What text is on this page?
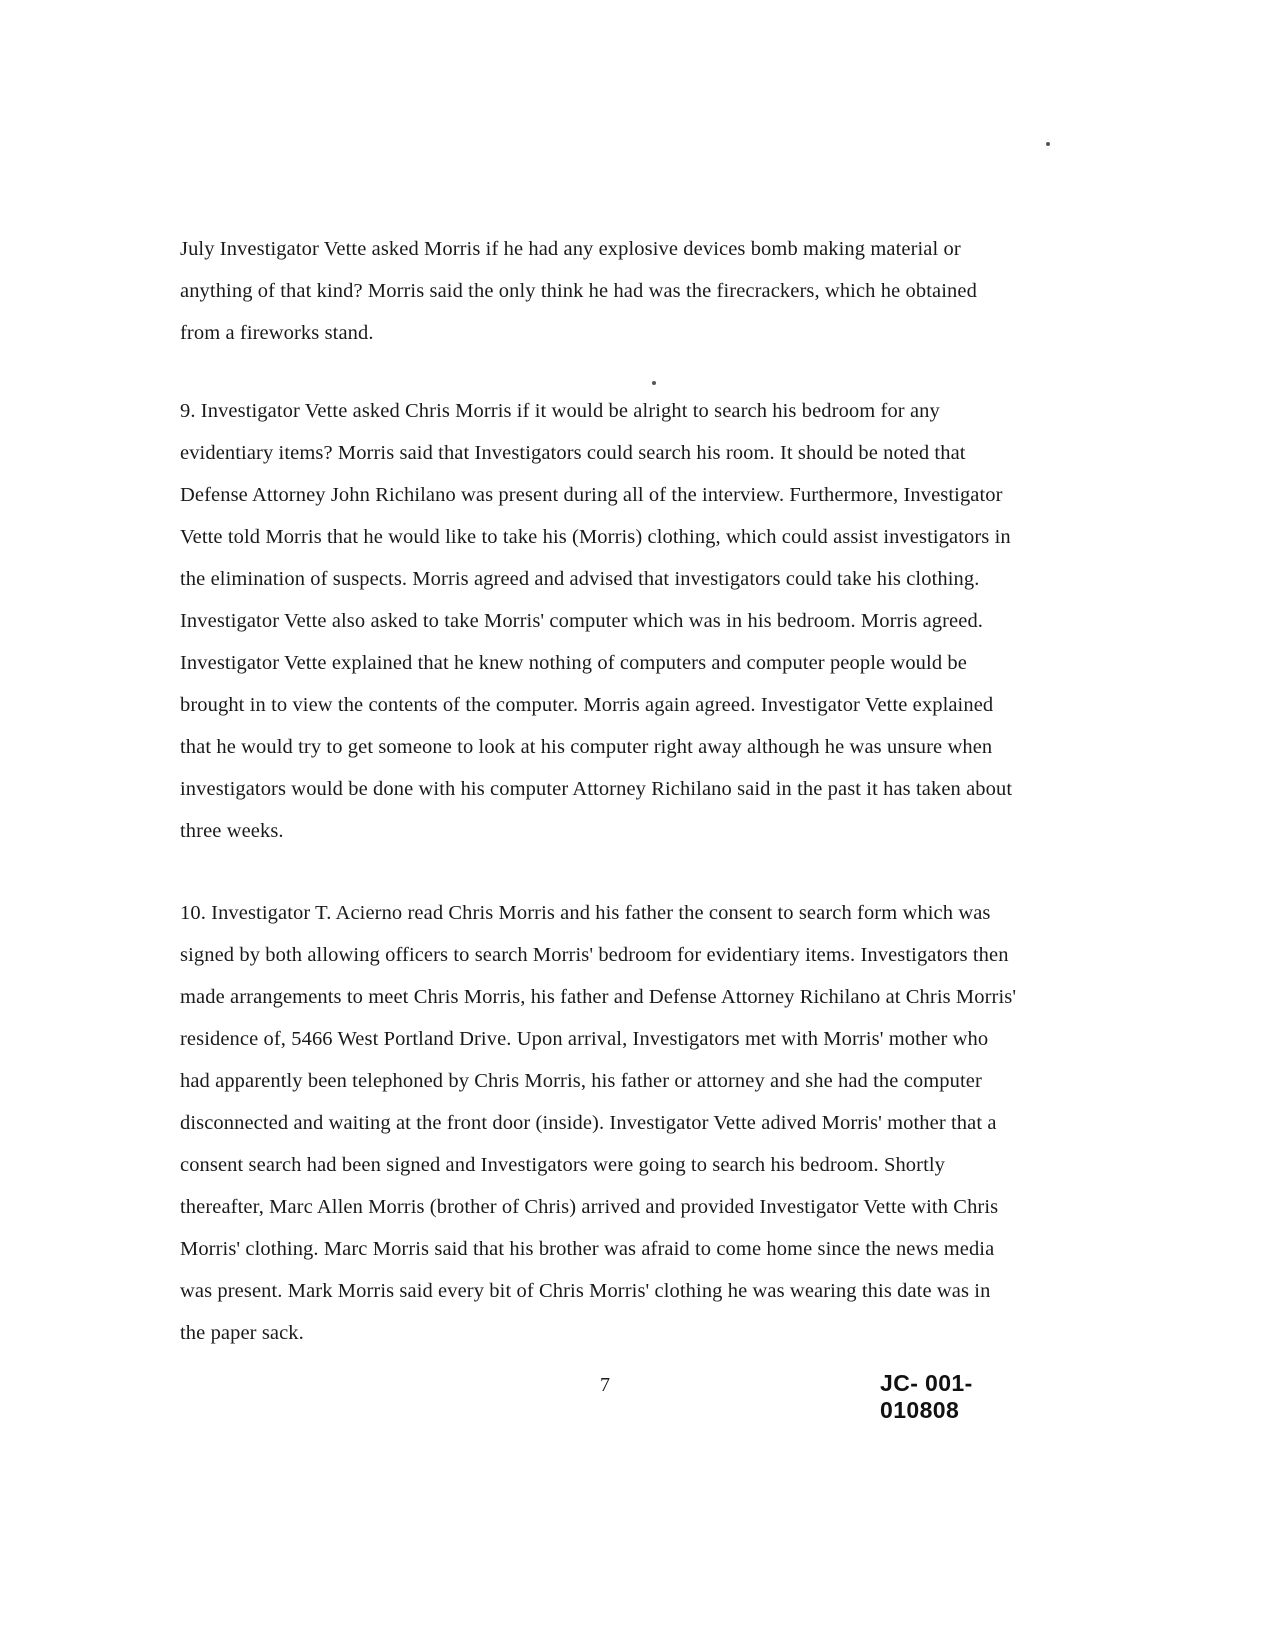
July Investigator Vette asked Morris if he had any explosive devices bomb making material or anything of that kind? Morris said the only think he had was the firecrackers, which he obtained from a fireworks stand.

9. Investigator Vette asked Chris Morris if it would be alright to search his bedroom for any evidentiary items? Morris said that Investigators could search his room. It should be noted that Defense Attorney John Richilano was present during all of the interview. Furthermore, Investigator Vette told Morris that he would like to take his (Morris) clothing, which could assist investigators in the elimination of suspects. Morris agreed and advised that investigators could take his clothing. Investigator Vette also asked to take Morris' computer which was in his bedroom. Morris agreed. Investigator Vette explained that he knew nothing of computers and computer people would be brought in to view the contents of the computer. Morris again agreed. Investigator Vette explained that he would try to get someone to look at his computer right away although he was unsure when investigators would be done with his computer Attorney Richilano said in the past it has taken about three weeks.

10. Investigator T. Acierno read Chris Morris and his father the consent to search form which was signed by both allowing officers to search Morris' bedroom for evidentiary items. Investigators then made arrangements to meet Chris Morris, his father and Defense Attorney Richilano at Chris Morris' residence of, 5466 West Portland Drive. Upon arrival, Investigators met with Morris' mother who had apparently been telephoned by Chris Morris, his father or attorney and she had the computer disconnected and waiting at the front door (inside). Investigator Vette adived Morris' mother that a consent search had been signed and Investigators were going to search his bedroom. Shortly thereafter, Marc Allen Morris (brother of Chris) arrived and provided Investigator Vette with Chris Morris' clothing. Marc Morris said that his brother was afraid to come home since the news media was present. Mark Morris said every bit of Chris Morris' clothing he was wearing this date was in the paper sack.

7	JC- 001-010808
